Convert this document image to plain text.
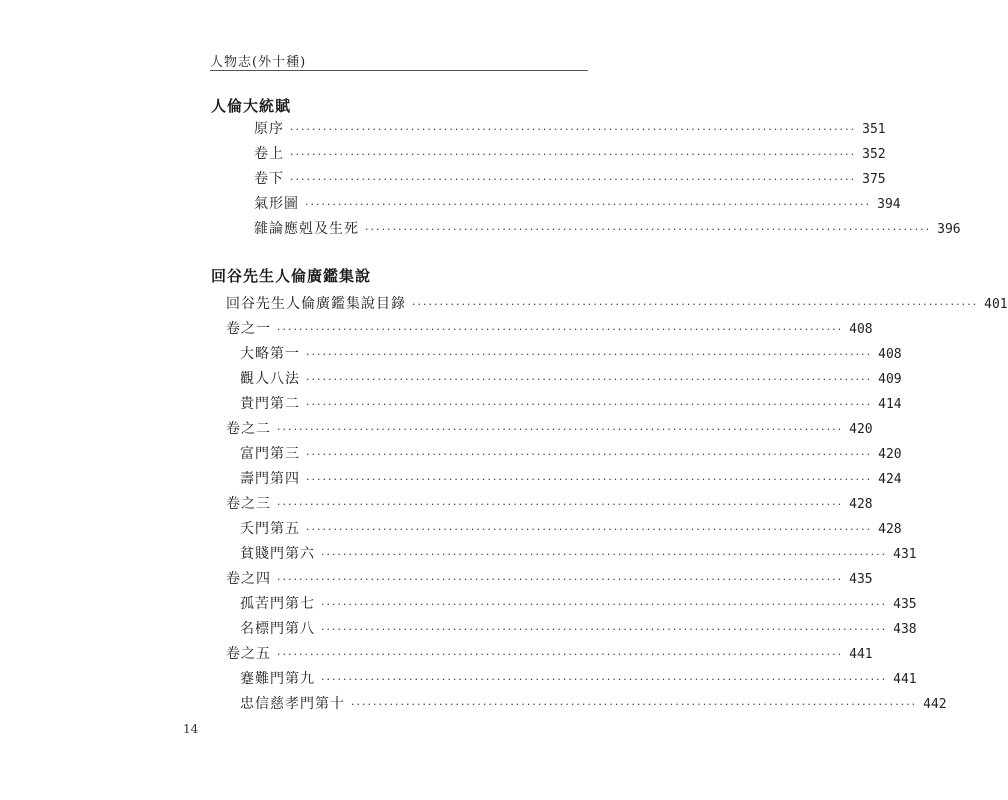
人物志(外十種)
人倫大統賦
原序 ······································································································· 351
卷上 ······································································································· 352
卷下 ······································································································· 375
氣形圖 ······································································································· 394
雜論應剋及生死 ······································································································· 396
回谷先生人倫廣鑑集說
回谷先生人倫廣鑑集說目錄 ······································································································· 401
卷之一 ······································································································· 408
大略第一 ······································································································· 408
觀人八法 ······································································································· 409
貴門第二 ······································································································· 414
卷之二 ······································································································· 420
富門第三 ······································································································· 420
壽門第四 ······································································································· 424
卷之三 ······································································································· 428
夭門第五 ······································································································· 428
貧賤門第六 ······································································································· 431
卷之四 ······································································································· 435
孤苦門第七 ······································································································· 435
名標門第八 ······································································································· 438
卷之五 ······································································································· 441
蹇難門第九 ······································································································· 441
忠信慈孝門第十 ······································································································· 442
14
